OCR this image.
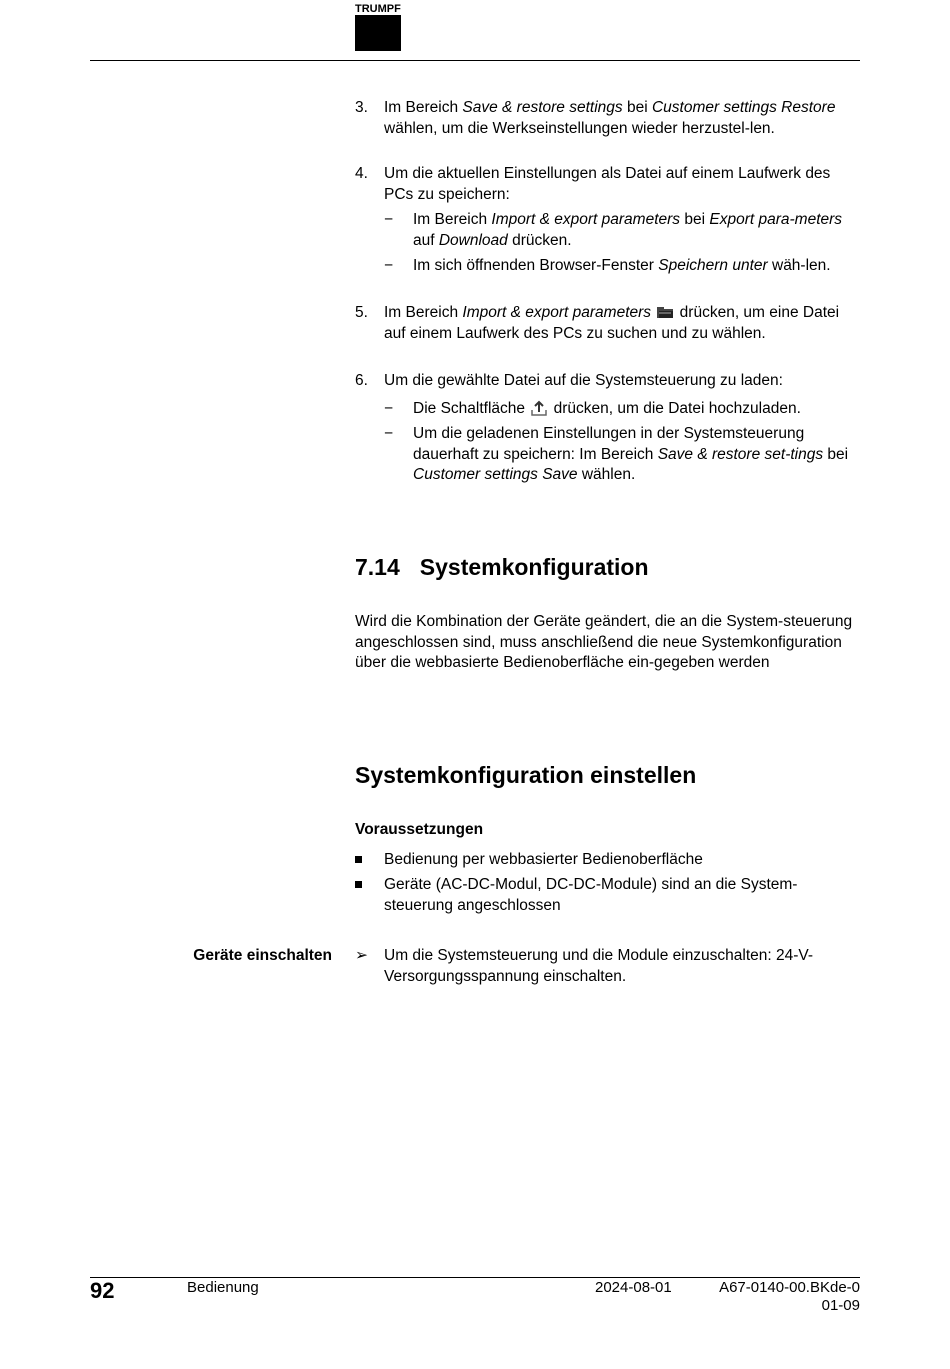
TRUMPF
3. Im Bereich Save & restore settings bei Customer settings Restore wählen, um die Werkseinstellungen wieder herzustel-len.
4. Um die aktuellen Einstellungen als Datei auf einem Laufwerk des PCs zu speichern:
− Im Bereich Import & export parameters bei Export para-meters auf Download drücken.
− Im sich öffnenden Browser-Fenster Speichern unter wäh-len.
5. Im Bereich Import & export parameters  drücken, um eine Datei auf einem Laufwerk des PCs zu suchen und zu wählen.
6. Um die gewählte Datei auf die Systemsteuerung zu laden:
− Die Schaltfläche  drücken, um die Datei hochzuladen.
− Um die geladenen Einstellungen in der Systemsteuerung dauerhaft zu speichern: Im Bereich Save & restore set-tings bei Customer settings Save wählen.
7.14 Systemkonfiguration
Wird die Kombination der Geräte geändert, die an die System-steuerung angeschlossen sind, muss anschließend die neue Systemkonfiguration über die webbasierte Bedienoberfläche ein-gegeben werden
Systemkonfiguration einstellen
Voraussetzungen
Bedienung per webbasierter Bedienoberfläche
Geräte (AC-DC-Modul, DC-DC-Module) sind an die System-steuerung angeschlossen
Geräte einschalten ➢ Um die Systemsteuerung und die Module einzuschalten: 24-V-Versorgungsspannung einschalten.
92	Bedienung	2024-08-01	A67-0140-00.BKde-0
01-09
